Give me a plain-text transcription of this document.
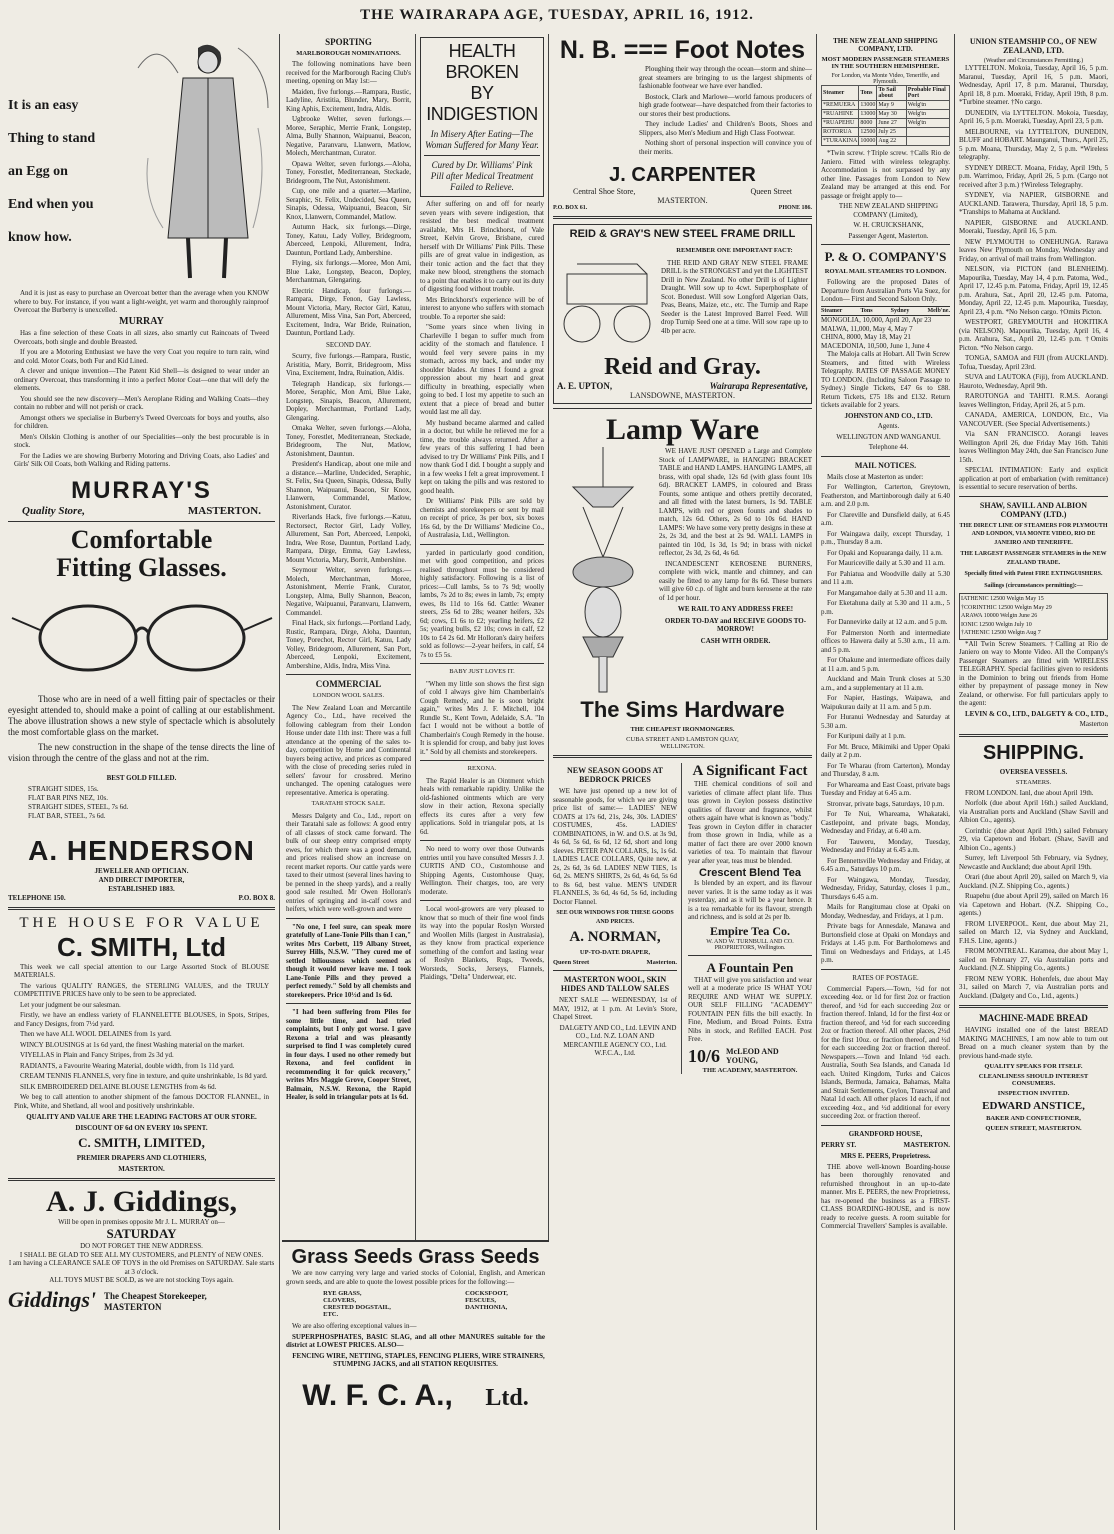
THE WAIRARAPA AGE, TUESDAY, APRIL 16, 1912.
It is an easy
Thing to stand
an Egg on
End when you
know how.

And it is just as easy to purchase an Overcoat better than the average when you KNOW where to buy. For instance, if you want a light-weight, yet warm and thoroughly rainproof Overcoat the Burberry is unexcelled.

MURRAY

Has a fine selection of these Coats in all sizes, also smartly cut Raincoats of Tweed Overcoats, both single and double Breasted.

If you are a Motoring Enthusiast we have the very Coat you require to turn rain, wind and cold. Motor Coats, both Fur and Kid Lined.

A clever and unique invention—The Patent Kid Shell—is designed to wear under an ordinary Overcoat, thus transforming it into a perfect Motor Coat—one that will defy the elements.

You should see the new discovery—Men's Aeroplane Riding and Walking Coats—they contain no rubber and will not perish or crack.

Amongst others we specialise in Burberry's Tweed Overcoats for boys and youths, also for children.

Men's Oilskin Clothing is another of our Specialities—only the best procurable is in stock.

For the Ladies we are showing Burberry Motoring and Driving Coats, also Ladies' and Girls' Silk Oil Coats, both Walking and Riding patterns.

MURRAY'S
Quality Store,	MASTERTON.
Comfortable
Fitting Glasses.

Those who are in need of a well fitting pair of spectacles or their eyesight attended to, should make a point of calling at our establishment. The above illustration shows a new style of spectacle which is absolutely the most comfortable glass on the market.

The new construction in the shape of the tense directs the line of vision through the centre of the glass and not at the rim.

BEST GOLD FILLED.
STRAIGHT SIDES, 15s.
FLAT BAR PINS NEZ, 10s.
STRAIGHT SIDES, STEEL, 7s 6d.
FLAT BAR, STEEL, 7s 6d.
A. HENDERSON
JEWELLER AND OPTICIAN.
AND DIRECT IMPORTER,
ESTABLISHED 1883.
TELEPHONE 150.	P.O. BOX 8.
THE HOUSE FOR VALUE
C. SMITH, Ltd

This week we call special attention to our Large Assorted Stock of BLOUSE MATERIALS.

The various QUALITY RANGES, the STERLING VALUES, and the TRULY COMPETITIVE PRICES have only to be seen to be appreciated.

Let your judgment be our salesman.

Firstly, we have an endless variety of FLANNELETTE BLOUSES, in Spots, Stripes, and Fancy Designs, from 7½d yard.

Then we have ALL WOOL DELAINES from 1s yard.

WINCY BLOUSINGS at 1s 6d yard, the finest Washing material on the market.

VIYELLAS in Plain and Fancy Stripes, from 2s 3d yd.

RADIANTS, a Favourite Wearing Material, double width, from 1s 11d yard.

CREAM TENNIS FLANNELS, very fine in texture, and quite unshrinkable, 1s 8d yard.

SILK EMBROIDERED DELAINE BLOUSE LENGTHS from 4s 6d.

We beg to call attention to another shipment of the famous DOCTOR FLANNEL, in Pink, White, and Shetland, all wool and positively unshrinkable.

QUALITY AND VALUE ARE THE LEADING FACTORS AT OUR STORE.
DISCOUNT OF 6d ON EVERY 10s SPENT.
C. SMITH, LIMITED,
PREMIER DRAPERS AND CLOTHIERS,
MASTERTON.
A. J. Giddings,
Will be open in premises opposite Mr J. L. MURRAY on—
SATURDAY
DO NOT FORGET THE NEW ADDRESS.
I SHALL BE GLAD TO SEE ALL MY CUSTOMERS, and PLENTY of NEW ONES.
I am having a CLEARANCE SALE OF TOYS in the old Premises on SATURDAY. Sale starts at 3 o'clock.
ALL TOYS MUST BE SOLD, as we are not stocking Toys again.
Giddings' The Cheapest Storekeeper,
MASTERTON
SPORTING
MARLBOROUGH NOMINATIONS.

The following nominations have been received for the Marlborough Racing Club's meeting, opening on May 1st:—

Maiden, five furlongs.—Rampara, Rustic, Ladyline, Aristitia, Blunder, Mary, Borrit, King Aphis, Excitement, Indra, Aldis.

Ugbrooke Welter, seven furlongs.—Moree, Seraphic, Merrie Frank, Longstep, Alma, Bully Shannon, Waipuanui, Beacon, Negative, Paranvaru, Llanwern, Matlow, Molech, Merchantman, Curator.

Opawa Welter, seven furlongs.—Aloha, Toney, Forestlet, Mediterranean, Steckade, Bridegroom, The Nut, Astonishment.

Cup, one mile and a quarter.—Marline, Seraphic, St. Felix, Undecided, Sea Queen, Sinapis, Odessa, Waipuanui, Beacon, Sir Knox, Llanwern, Commandel, Matlow.

Autumn Hack, six furlongs.—Dirge, Toney, Katuu, Lady Volley, Bridegroom, Aberceed, Lenpoki, Allurement, Indra, Dauntun, Portland Lady, Ambershine.

Flying, six furlongs.—Moree, Mon Ami, Blue Lake, Longstep, Beacon, Dopley, Merchantman, Glengaring.

Electric Handicap, four furlongs.—Rampara, Dirge, Fenon, Gay Lawless, Mount Victoria, Mary, Rector Girl, Katuu, Allurement, Miss Vina, San Port, Aberceed, Excitement, Indra, War Bride, Ruination, Dauntun, Portland Lady.

SECOND DAY.

Scurry, five furlongs.—Rampara, Rustic, Aristitia, Mary, Borrit, Bridegroom, Miss Vina, Excitement, Indra, Ruination, Aldis.

Telegraph Handicap, six furlongs.—Moree, Seraphic, Mon Ami, Blue Lake, Longstep, Sinapis, Beacon, Allurement, Dopley, Merchantman, Portland Lady, Glengaring.

Omaka Welter, seven furlongs.—Aloha, Toney, Forestlet, Mediterranean, Steckade, Bridegroom, The Nut, Matlow, Astonishment, Dauntun.

President's Handicap, about one mile and a distance.—Marline, Undecided, Seraphic, St. Felix, Sea Queen, Sinapis, Odessa, Bully Shannon, Waipuanui, Beacon, Sir Knox, Llanwern, Commandel, Matlow, Astonishment, Curator.

Riverlands Hack, five furlongs.—Katuu, Rectorsect, Rector Girl, Lady Volley, Allurement, San Port, Aberceed, Lenpoki, Indra, Wee Rose, Dauntun, Portland Lady, Rampara, Dirge, Emma, Gay Lawless, Mount Victoria, Mary, Borrit, Ambershine.

Seymour Welter, seven furlongs.—Molech, Merchantman, Moree, Astonishment, Merrie Frank, Curator, Longstep, Alma, Bully Shannon, Beacon, Negative, Waipuanui, Paranvaru, Llanwern, Commandel.

Final Hack, six furlongs.—Portland Lady, Rustic, Rampara, Dirge, Aloha, Dauntun, Toney, Porechot, Rector Girl, Katuu, Lady Volley, Bridegroom, Allurement, San Port, Aberceed, Lenpoki, Excitement, Ambershine, Aldis, Indra, Miss Vina.

COMMERCIAL
LONDON WOOL SALES.

The New Zealand Loan and Mercantile Agency Co., Ltd., have received the following cablegram from their London House under date 11th inst: There was a full attendance at the opening of the sales to-day, competition by Home and Continental buyers being active, and prices as compared with the close of preceding series ruled in sellers' favour for crossbred. Merino unchanged. The opening catalogues were representative. America is operating.

TARATAHI STOCK SALE.

Messrs Dalgety and Co., Ltd., report on their Taratahi sale as follows: A good entry of all classes of stock came forward. The bulk of our sheep entry comprised empty ewes, for which there was a good demand, and prices realised show an increase on recent market reports. Our cattle yards were taxed to their utmost (several lines having to be penned in the sheep yards), and a really good sale resulted. Mr Owen Holloran's entries of springing and in-calf cows and heifers, which were well-grown and were

"No one, I feel sure, can speak more gratefully of Lane-Tonie Pills than I can," writes Mrs Corbett, 119 Albany Street, Surrey Hills, N.S.W. "They cured me of settled biliousness which seemed as though it would never leave me. I took Lane-Tonie Pills and they proved a perfect remedy." Sold by all chemists and storekeepers. Price 10½d and 1s 6d.

"I had been suffering from Piles for some little time, and had tried complaints, but I only got worse. I gave Rexona a trial and was pleasantly surprised to find I was completely cured in four days. I used no other remedy but Rexona, and feel confident in recommending it for quick recovery," writes Mrs Maggie Grove, Cooper Street, Balmain, N.S.W. Rexona, the Rapid Healer, is sold in triangular pots at 1s 6d.

HEALTH BROKEN
BY INDIGESTION
In Misery After Eating—The Woman Suffered for Many Year.
Cured by Dr. Williams' Pink Pill after Medical Treatment Failed to Relieve.

After suffering on and off for nearly seven years with severe indigestion, that resisted the best medical treatment available, Mrs H. Brinckhorst, of Vale Street, Kelvin Grove, Brisbane, cured herself with Dr Williams' Pink Pills. These pills are of great value in indigestion, as their tonic action and the fact that they make new blood, strengthens the stomach to a point that enables it to carry out its duty of digesting food without trouble.

Mrs Brinckhorst's experience will be of interest to anyone who suffers with stomach trouble. To a reporter she said:

"Some years since when living in Charleville I began to suffer much from acidity of the stomach and flatulence. I would feel very severe pains in my stomach, across my back, and under my shoulder blades. At times I found a great oppression about my heart and great difficulty in breathing, especially when going to bed. I lost my appetite to such an extent that a piece of bread and butter would last me all day.

My husband became alarmed and called in a doctor, but while he relieved me for a time, the trouble always returned. After a few years of this suffering I had been advised to try Dr Williams' Pink Pills, and I now thank God I did. I bought a supply and in a few weeks I felt a great improvement. I kept on taking the pills and was restored to good health.

Dr Williams' Pink Pills are sold by chemists and storekeepers or sent by mail on receipt of price, 3s per box, six boxes 16s 6d, by the Dr Williams' Medicine Co., of Australasia, Ltd., Wellington.

yarded in particularly good condition, met with good competition, and prices realised throughout must be considered highly satisfactory. Following is a list of prices:—Cull lambs, 5s to 7s 9d; woolly lambs, 7s 2d to 8s; ewes in lamb, 7s; empty ewes, 8s 11d to 16s 6d. Cattle: Weaner steers, 25s 6d to 28s; weaner heifers, 32s 6d; cows, £1 6s to £2; yearling heifers, £2 5s; yearling bulls, £2 10s; cows in calf, £2 10s to £4 2s 6d. Mr Holloran's dairy heifers sold as follows:—2-year heifers, in calf, £4 7s to £5 5s.

BABY JUST LOVES IT.

"When my little son shows the first sign of cold I always give him Chamberlain's Cough Remedy, and he is soon bright again," writes Mrs J. F. Mitchell, 104 Rundle St., Kent Town, Adelaide, S.A. "In fact I would not be without a bottle of Chamberlain's Cough Remedy in the house. It is splendid for croup, and baby just loves it." Sold by all chemists and storekeepers.

REXONA.

The Rapid Healer is an Ointment which heals with remarkable rapidity. Unlike the old-fashioned ointments which are very slow in their action, Rexona specially effects its cures after a very few applications. Sold in triangular pots, at 1s 6d.

No need to worry over those Outwards entries until you have consulted Messrs J. J. CURTIS AND CO., Customhouse and Shipping Agents, Customhouse Quay, Wellington. Their charges, too, are very moderate.

Local wool-growers are very pleased to know that so much of their fine wool finds its way into the popular Roslyn Worsted and Woollen Mills (largest in Australasia), as they know from practical experience something of the comfort and lasting wear of Roslyn Blankets, Rugs, Tweeds, Worsteds, Socks, Jerseys, Flannels, Plaidings, "Delta" Underwear, etc.

N. B. === Foot Notes

Ploughing their way through the ocean—storm and shine—great steamers are bringing to us the largest shipments of fashionable footwear we have ever handled.

Bostock, Clark and Marlowe—world famous producers of high grade footwear—have despatched from their factories to our stores their best productions.

They include Ladies' and Children's Boots, Shoes and Slippers, also Men's Medium and High Class Footwear.

Nothing short of personal inspection will convince you of their merits.

J. CARPENTER
Central Shoe Store,	Queen Street
MASTERTON.
P.O. BOX 61.	PHONE 186.
REID & GRAY'S NEW STEEL FRAME DRILL
REMEMBER ONE IMPORTANT FACT:

THE REID AND GRAY NEW STEEL FRAME DRILL is the STRONGEST and yet the LIGHTEST Drill in New Zealand. No other Drill is of Lighter Draught. Will sow up to 4cwt. Superphosphate of Scot. Bonedust. Will sow Longford Algerian Oats, Peas, Beans, Maize, etc., etc. The Turnip and Rape Seeder is the Latest Improved Barrel Feed. Will drop Turnip Seed one at a time. Will sow rape up to 4lb per acre.

Reid and Gray.
A. E. UPTON,	Wairarapa Representative,
LANSDOWNE, MASTERTON.
Lamp Ware

WE HAVE JUST OPENED a Large and Complete Stock of LAMPWARE, in HANGING BRACKET TABLE and HAND LAMPS. HANGING LAMPS, all brass, with opal shade, 12s 6d (with glass fount 10s 6d). BRACKET LAMPS, in coloured and Brass Founts, some antique and others prettily decorated, and all fitted with the latest burners, 1s 9d. TABLE LAMPS, with red or green founts and shades to match, 12s 6d. Others, 2s 6d to 10s 6d. HAND LAMPS: We have some very pretty designs in these at 2s, 2s 3d, and the best at 2s 9d. WALL LAMPS in painted tin 10d, 1s 3d, 1s 9d; in brass with nickel reflector, 2s 3d, 2s 6d, 4s 6d.

INCANDESCENT KEROSENE BURNERS, complete with wick, mantle and chimney, and can easily be fitted to any lamp for 8s 6d. These burners will give 60 c.p. of light and burn kerosene at the rate of 1d per hour.

WE RAIL TO ANY ADDRESS FREE!
ORDER TO-DAY and RECEIVE GOODS TO-MORROW!
CASH WITH ORDER.
The Sims Hardware
THE CHEAPEST IRONMONGERS.
CUBA STREET AND LAMBTON QUAY,
WELLINGTON.
NEW SEASON GOODS AT BEDROCK PRICES

WE have just opened up a new lot of seasonable goods, for which we are giving price list of same:— LADIES' NEW COATS at 17s 6d, 21s, 24s, 30s. LADIES' COSTUMES, 45s. LADIES' COMBINATIONS, in W. and O.S. at 3s 9d, 4s 6d, 5s 6d, 6s 6d, 12 6d, short and long sleeves. PETER PAN COLLARS, 1s, 1s 6d. LADIES LACE COLLARS, Quite new, at 2s, 2s 6d, 3s 6d. LADIES' NEW TIES, 1s 6d, 2s. MEN'S SHIRTS, 2s 6d, 4s 6d, 5s 6d to 8s 6d, best value. MEN'S UNDER FLANNELS, 3s 6d, 4s 6d, 5s 6d, including Doctor Flannel.

SEE OUR WINDOWS FOR THESE GOODS AND PRICES.
A. NORMAN,
UP-TO-DATE DRAPER,
Queen Street	Masterton.
MASTERTON WOOL, SKIN HIDES AND TALLOW SALES

NEXT SALE — WEDNESDAY, 1st of MAY, 1912, at 1 p.m. At Levin's Store, Chapel Street.

DALGETY AND CO., Ltd. LEVIN AND CO., Ltd. N.Z. LOAN AND MERCANTILE AGENCY CO., Ltd. W.F.C.A., Ltd.

A Significant Fact

THE chemical conditions of soil and varieties of climate affect plant life. Thus teas grown in Ceylon possess distinctive qualities of flavour and fragrance, whilst others again have what is known as "body." Teas grown in Ceylon differ in character from those grown in India, while as a matter of fact there are over 2000 known varieties of tea. To maintain that flavour year after year, teas must be blended.

Crescent Blend Tea

Is blended by an expert, and its flavour never varies. It is the same today as it was yesterday, and as it will be a year hence. It is a tea remarkable for its flavour, strength and richness, and is sold at 2s per lb.

Empire Tea Co.
W. AND W. TURNBULL AND CO. PROPRIETORS, Wellington.
A Fountain Pen

THAT will give you satisfaction and wear well at a moderate price IS WHAT YOU REQUIRE AND WHAT WE SUPPLY. OUR SELF FILLING "ACADEMY" FOUNTAIN PEN fills the bill exactly. In Fine, Medium, and Broad Points. Extra Nibs in stock, and Refilled EACH. Post Free.

10/6 McLEOD AND YOUNG,
THE ACADEMY, MASTERTON.
THE NEW ZEALAND SHIPPING COMPANY, LTD.
MOST MODERN PASSENGER STEAMERS IN THE SOUTHERN HEMISPHERE.
For London, via Monte Video, Teneriffe, and Plymouth.
Steamer	Tons	To Sail about	Probable Final Port
*REMUERA	13000	May 9	Welg'tn
*RUAHINE	13000	May 30	Welg'tn
*RUAPEHU	8000	June 27	Welg'tn
ROTORUA	12500	July 25	
*TURAKINA	10000	Aug 22	

*Twin screw. †Triple screw. †Calls Rio de Janiero. Fitted with wireless telegraphy. Accommodation is not surpassed by any other line. Passages from London to New Zealand may be arranged at this end. For passage or freight apply to—

THE NEW ZEALAND SHIPPING COMPANY (Limited),

W. H. CRUICKSHANK,

Passenger Agent, Masterton.

P. & O. COMPANY'S
ROYAL MAIL STEAMERS TO LONDON.

Following are the proposed Dates of Departure from Australian Ports Via Suez, for London— First and Second Saloon Only.

Steamer	Tons	Sydney	Melb'ne.
MONGOLIA, 10,000, April 20, Apr 23
MALWA, 11,000, May 4, May 7
CHINA, 8000, May 18, May 21
MACEDONIA, 10,500, June 1, June 4

The Maloja calls at Hobart. All Twin Screw Steamers, and fitted with Wireless Telegraphy. RATES OF PASSAGE MONEY TO LONDON. (Including Saloon Passage to Sydney.) Single Tickets, £47 6s to £88. Return Tickets, £75 18s and £132. Return tickets available for 2 years.

JOHNSTON AND CO., LTD.

Agents.

WELLINGTON AND WANGANUI.

Telephone 44.

MAIL NOTICES.

Mails close at Masterton as under:

For Wellington, Carterton, Greytown, Featherston, and Martinborough daily at 6.40 a.m. and 2.0 p.m.

For Clareville and Dunsfield daily, at 6.45 a.m.

For Waingawa daily, except Thursday, 1 p.m., Thursday 8 a.m.

For Opaki and Kopuaranga daily, 11 a.m.

For Mauriceville daily at 5.30 and 11 a.m.

For Pahiatua and Woodville daily at 5.30 and 11 a.m.

For Mangamahoe daily at 5.30 and 11 a.m.

For Eketahuna daily at 5.30 and 11 a.m., 5 p.m.

For Dannevirke daily at 12 a.m. and 5 p.m.

For Palmerston North and intermediate offices to Hawera daily at 5.30 a.m., 11 a.m. and 5 p.m.

For Ohakune and intermediate offices daily at 11 a.m. and 5 p.m.

Auckland and Main Trunk closes at 5.30 a.m., and a supplementary at 11 a.m.

For Napier, Hastings, Waipawa, and Waipukurau daily at 11 a.m. and 5 p.m.

For Huranui Wednesday and Saturday at 5.30 a.m.

For Kuripuni daily at 1 p.m.

For Mt. Bruce, Mikimiki and Upper Opaki daily at 2 p.m.

For Te Wharau (from Carterton), Monday and Thursday, 8 a.m.

For Whareama and East Coast, private bags Tuesday and Friday at 6.45 a.m.

Stronvar, private bags, Saturdays, 10 p.m.

For Te Nui, Whareama, Whakataki, Castlepoint, and private bags, Monday, Wednesday and Friday, at 6.40 a.m.

For Tauweru, Monday, Tuesday, Wednesday and Friday at 6.45 a.m.

For Bennettsville Wednesday and Friday, at 6.45 a.m., Saturdays 10 p.m.

For Waingawa, Monday, Tuesday, Wednesday, Friday, Saturday, closes 1 p.m., Thursdays 6.45 a.m.

Mails for Rangitumau close at Opaki on Monday, Wednesday, and Fridays, at 1 p.m.

Private bags for Annesdale, Manawa and Burtonsfield close at Opaki on Mondays and Fridays at 1.45 p.m. For Bartholomews and Tinui on Wednesdays and Fridays, at 1.45 p.m.

RATES OF POSTAGE.

Commercial Papers.—Town, ½d for not exceeding 4oz. or 1d for first 2oz or fraction thereof, and ½d for each succeeding 2oz or fraction thereof. Inland, 1d for the first 4oz or fraction thereof, and ½d for each succeeding 2oz or fraction thereof. All other places, 2½d for the first 10oz. or fraction thereof, and ½d for each succeeding 2oz or fraction thereof. Newspapers.—Town and Inland ½d each. Australia, South Sea Islands, and Canada 1d each. United Kingdom, Turks and Caicos Islands, Bermuda, Jamaica, Bahamas, Malta and Strait Settlements, Ceylon, Transvaal and Natal 1d each. All other places 1d each, if not exceeding 4oz., and ½d additional for every succeeding 2oz. or fraction thereof.

GRANDFORD HOUSE,
PERRY ST.	MASTERTON.
MRS E. PEERS, Proprietress.

THE above well-known Boarding-house has been thoroughly renovated and refurnished throughout in an up-to-date manner. Mrs E. PEERS, the new Proprietress, has re-opened the business as a FIRST-CLASS BOARDING-HOUSE, and is now ready to receive guests. A room suitable for Commercial Travellers' Samples is available.

UNION STEAMSHIP CO., OF NEW ZEALAND, LTD.
(Weather and Circumstances Permitting.)

LYTTELTON. Mokoia, Tuesday, April 16, 5 p.m. Maranui, Tuesday, April 16, 5 p.m. Maori, Wednesday, April 17, 8 p.m. Maranui, Thursday, April 18, 8 p.m. Moeraki, Friday, April 19th, 8 p.m. *Turbine steamer. †No cargo.

DUNEDIN, via LYTTELTON. Mokoia, Tuesday, April 16, 5 p.m. Moeraki, Tuesday, April 23, 5 p.m.

MELBOURNE, via LYTTELTON, DUNEDIN, BLUFF and HOBART. Maunganui, Thurs., April 25, 5 p.m. Moana, Thursday, May 2, 5 p.m. *Wireless telegraphy.

SYDNEY DIRECT. Moana, Friday, April 19th, 5 p.m. Warrimoo, Friday, April 26, 5 p.m. (Cargo not received after 3 p.m.) †Wireless Telegraphy.

SYDNEY, via NAPIER, GISBORNE and AUCKLAND. Tarawera, Thursday, April 18, 5 p.m. *Tranships to Mahama at Auckland.

NAPIER, GISBORNE and AUCKLAND. Moeraki, Tuesday, April 16, 5 p.m.

NEW PLYMOUTH to ONEHUNGA. Rarawa leaves New Plymouth on Monday, Wednesday and Friday, on arrival of mail trains from Wellington.

NELSON, via PICTON (and BLENHEIM). Mapourika, Tuesday, May 14, 4 p.m. Patoma, Wed., April 17, 12.45 p.m. Patoma, Friday, April 19, 12.45 p.m. Arahura, Sat., April 20, 12.45 p.m. Patoma, Monday, April 22, 12.45 p.m. Mapourika, Tuesday, April 23, 4 p.m. *No Nelson cargo. †Omits Picton.

WESTPORT, GREYMOUTH and HOKITIKA (via NELSON). Mapourika, Tuesday, April 16, 4 p.m. Arahura, Sat., April 20, 12.45 p.m. †Omits Picton. *No Nelson cargo.

TONGA, SAMOA and FIJI (from AUCKLAND). Tofua, Tuesday, April 23rd.

SUVA and LAUTOKA (Fiji), from AUCKLAND. Hauroto, Wednesday, April 9th.

RAROTONGA and TAHITI. R.M.S. Aorangi leaves Wellington, Friday, April 26, at 5 p.m.

CANADA, AMERICA, LONDON, Etc., Via VANCOUVER. (See Special Advertisements.)

Via SAN FRANCISCO. Aorangi leaves Wellington April 26, due Friday May 16th. Tahiti leaves Wellington May 24th, due San Francisco June 15th.

SPECIAL INTIMATION: Early and explicit application at port of embarkation (with remittance) is essential to secure reservation of berths.

SHAW, SAVILL AND ALBION COMPANY (LTD.)
THE DIRECT LINE OF STEAMERS FOR PLYMOUTH AND LONDON, VIA MONTE VIDEO, RIO DE JANEIRO AND TENERIFFE.
THE LARGEST PASSENGER STEAMERS in the NEW ZEALAND TRADE.
Specially fitted with Patent FIRE EXTINGUISHERS.
Sailings (circumstances permitting):—
IATHENIC 12500 Welgtn May 15
†CORINTHIC 12500 Welgtn May 29
ARAWA 10000 Welgtn June 26
IONIC 12500 Welgtn July 10
†ATHENIC 12500 Welgtn Aug 7

*All Twin Screw Steamers. †Calling at Rio de Janiero on way to Monte Video. All the Company's Passenger Steamers are fitted with WIRELESS TELEGRAPHY. Special facilities given to residents in the Dominion to bring out friends from Home either by prepayment of passage money in New Zealand, or otherwise. For full particulars apply to the agent:

LEVIN & CO., LTD., DALGETY & CO., LTD.,

Masterton

SHIPPING.
OVERSEA VESSELS.
STEAMERS.

FROM LONDON. Ianl, due about April 19th.

Norfolk (due about April 16th.) sailed Auckland, via Australian ports and Auckland (Shaw Savill and Albion Co., agents).

Corinthic (due about April 19th.) sailed February 29, via Capetown and Hobart. (Shaw, Savill and Albion Co., agents.)

Surrey, left Liverpool 5th February, via Sydney, Newcastle and Auckland; due about April 19th.

Orari (due about April 20), sailed on March 9, via Auckland. (N.Z. Shipping Co., agents.)

Ruapehu (due about April 29), sailed on March 16 via Capetown and Hobart. (N.Z. Shipping Co., agents.)

FROM LIVERPOOL. Kent, due about May 21, sailed on March 12, via Sydney and Auckland, F.H.S. Line, agents.)

FROM MONTREAL. Karamea, due about May 1, sailed on February 27, via Australian ports and Auckland. (N.Z. Shipping Co., agents.)

FROM NEW YORK. Hohenfels, due about May 31, sailed on March 7, via Australian ports and Auckland. (Dalgety and Co., Ltd., agents.)

MACHINE-MADE BREAD

HAVING installed one of the latest BREAD MAKING MACHINES, I am now able to turn out Bread on a much cleaner system than by the previous hand-made style.

QUALITY SPEAKS FOR ITSELF.
CLEANLINESS SHOULD INTEREST CONSUMERS.
INSPECTION INVITED.
EDWARD ANSTICE,
BAKER AND CONFECTIONER,
QUEEN STREET, MASTERTON.
Grass Seeds Grass Seeds

We are now carrying very large and varied stocks of Colonial, English, and American grown seeds, and are able to quote the lowest possible prices for the following:—

RYE GRASS,
CLOVERS,
CRESTED DOGSTAIL,
ETC.
COCKSFOOT,
FESCUES,
DANTHONIA,

We are also offering exceptional values in—

SUPERPHOSPHATES, BASIC SLAG, and all other MANURES suitable for the district at LOWEST PRICES. ALSO—

FENCING WIRE, NETTING, STAPLES, FENCING PLIERS, WIRE STRAINERS, STUMPING JACKS, and all STATION REQUISITES.

W. F. C. A., Ltd.
